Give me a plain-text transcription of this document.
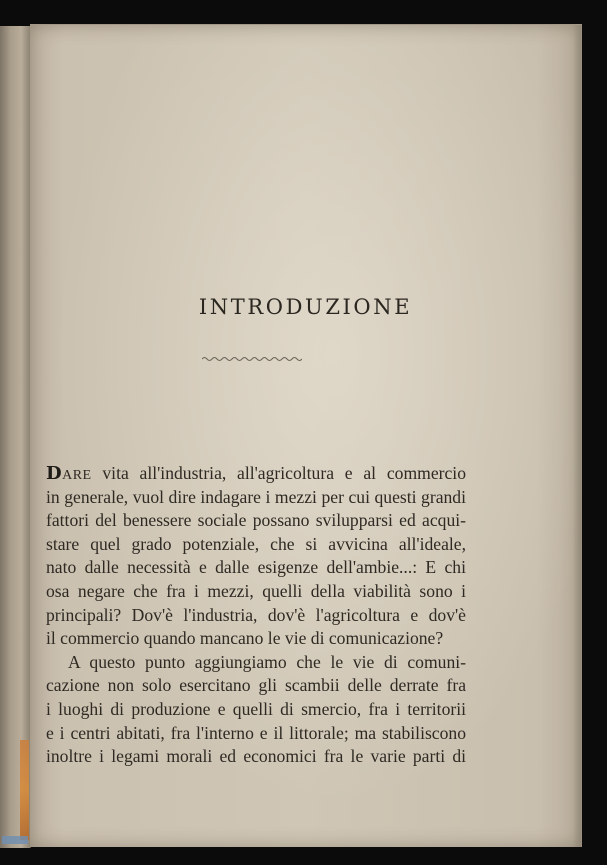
INTRODUZIONE
DARE vita all'industria, all'agricoltura e al commercio
in generale, vuol dire indagare i mezzi per cui questi grandi
fattori del benessere sociale possano svilupparsi ed acqui-
stare quel grado potenziale, che si avvicina all'ideale,
nato dalle necessità e dalle esigenze dell'ambie...: E chi
osa negare che fra i mezzi, quelli della viabilità sono i
principali? Dov'è l'industria, dov'è l'agricoltura e dov'è
il commercio quando mancano le vie di comunicazione?
A questo punto aggiungiamo che le vie di comuni-
cazione non solo esercitano gli scambii delle derrate fra
i luoghi di produzione e quelli di smercio, fra i territorii
e i centri abitati, fra l'interno e il littorale; ma stabiliscono
inoltre i legami morali ed economici fra le varie parti di
